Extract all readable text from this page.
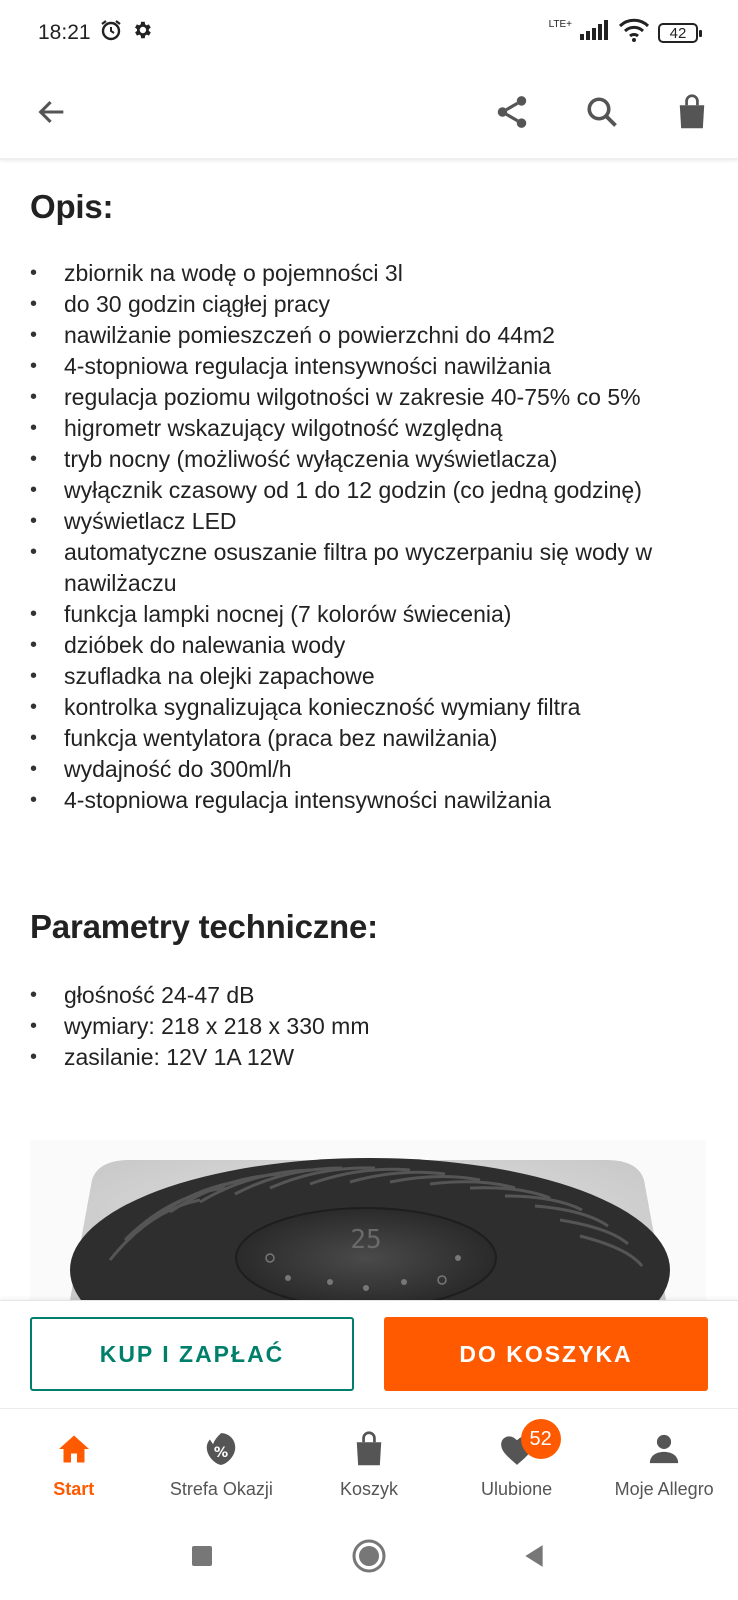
18:21	LTE+	42
Opis:
• zbiornik na wodę o pojemności 3l
• do 30 godzin ciągłej pracy
• nawilżanie pomieszczeń o powierzchni do 44m2
• 4-stopniowa regulacja intensywności nawilżania
• regulacja poziomu wilgotności w zakresie 40-75% co 5%
• higrometr wskazujący wilgotność względną
• tryb nocny (możliwość wyłączenia wyświetlacza)
• wyłącznik czasowy od 1 do 12 godzin (co jedną godzinę)
• wyświetlacz LED
• automatyczne osuszanie filtra po wyczerpaniu się wody w nawilżaczu
• funkcja lampki nocnej (7 kolorów świecenia)
• dzióbek do nalewania wody
• szufladka na olejki zapachowe
• kontrolka sygnalizująca konieczność wymiany filtra
• funkcja wentylatora (praca bez nawilżania)
• wydajność do 300ml/h
• 4-stopniowa regulacja intensywności nawilżania
Parametry techniczne:
• głośność 24-47 dB
• wymiary: 218 x 218 x 330 mm
• zasilanie: 12V 1A 12W
25
KUP I ZAPŁAĆ	DO KOSZYKA
Start
%
Strefa Okazji	Koszyk
52
Ulubione	Moje Allegro
